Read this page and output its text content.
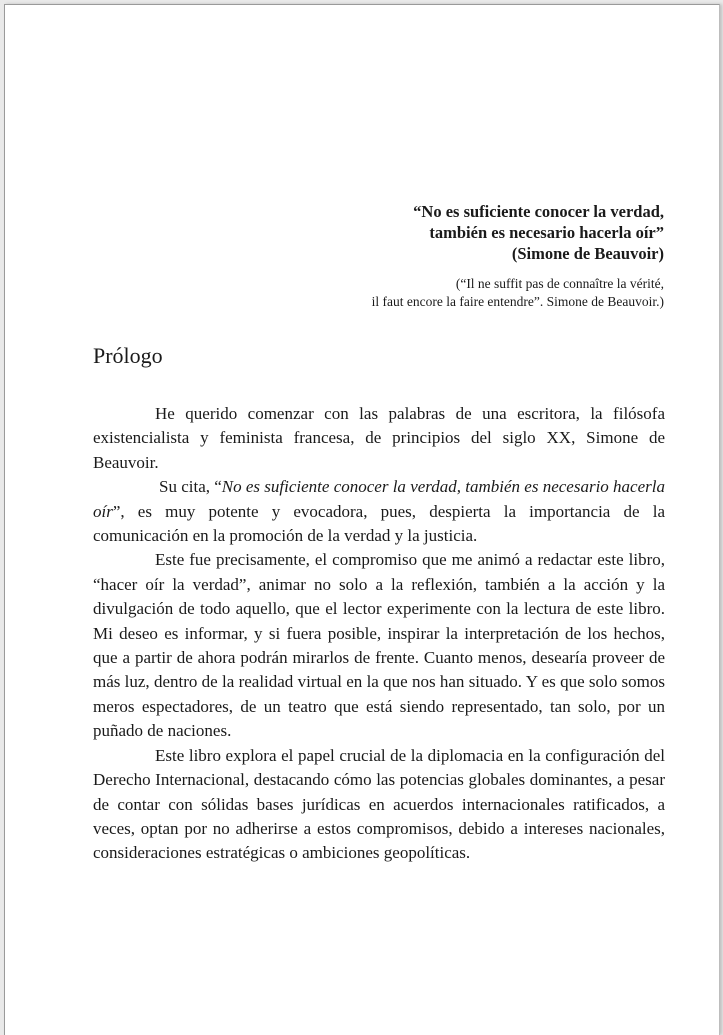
“No es suficiente conocer la verdad,
también es necesario hacerla oír”
(Simone de Beauvoir)
(“Il ne suffit pas de connaître la vérité,
il faut encore la faire entendre”. Simone de Beauvoir.)
Prólogo

He querido comenzar con las palabras de una escritora, la filósofa existencialista y feminista francesa, de principios del siglo XX, Simone de Beauvoir.

Su cita, “No es suficiente conocer la verdad, también es necesario hacerla oír”, es muy potente y evocadora, pues, despierta la importancia de la comunicación en la promoción de la verdad y la justicia.

Este fue precisamente, el compromiso que me animó a redactar este libro, “hacer oír la verdad”, animar no solo a la reflexión, también a la acción y la divulgación de todo aquello, que el lector experimente con la lectura de este libro. Mi deseo es informar, y si fuera posible, inspirar la interpretación de los hechos, que a partir de ahora podrán mirarlos de frente. Cuanto menos, desearía proveer de más luz, dentro de la realidad virtual en la que nos han situado. Y es que solo somos meros espectadores, de un teatro que está siendo representado, tan solo, por un puñado de naciones.

Este libro explora el papel crucial de la diplomacia en la configuración del Derecho Internacional, destacando cómo las potencias globales dominantes, a pesar de contar con sólidas bases jurídicas en acuerdos internacionales ratificados, a veces, optan por no adherirse a estos compromisos, debido a intereses nacionales, consideraciones estratégicas o ambiciones geopolíticas.
